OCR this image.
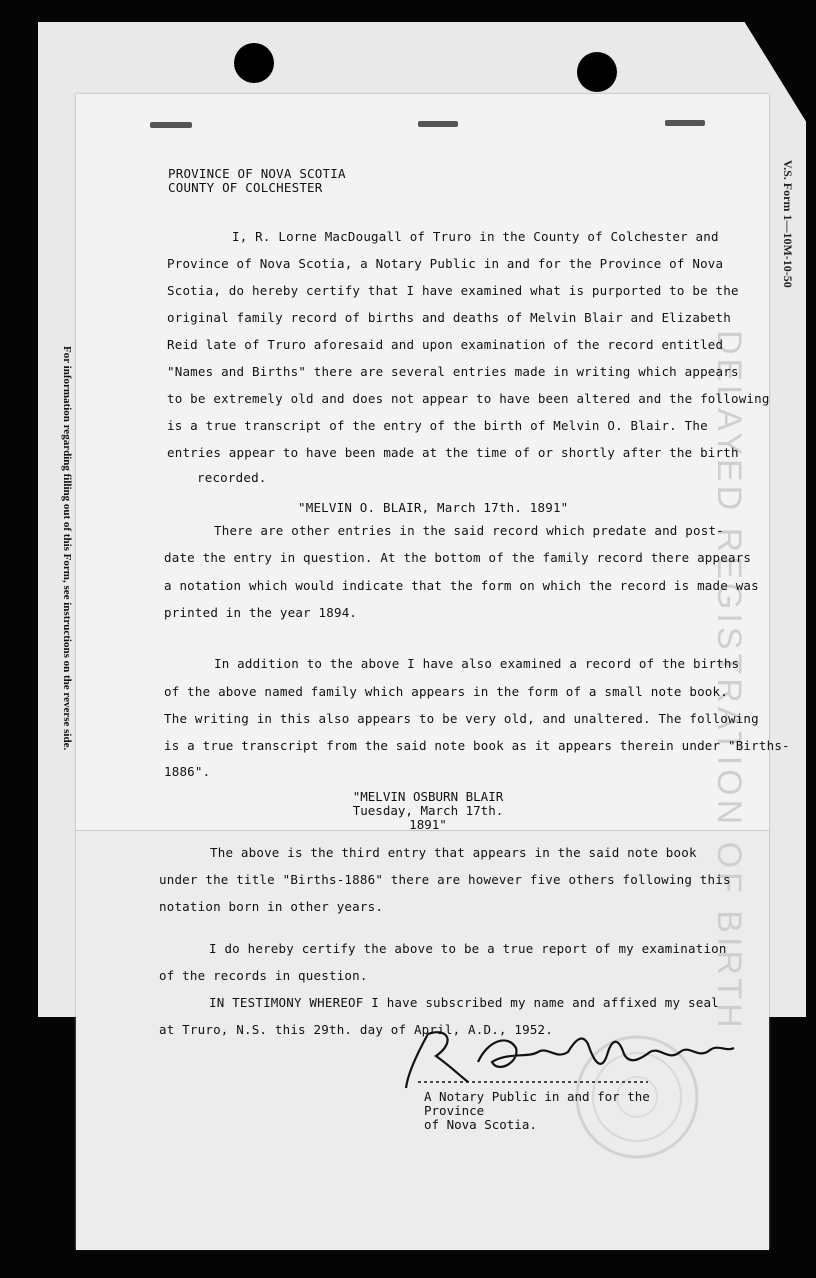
V.S. Form 1—10M-10-50
DELAYED REGISTRATION OF BIRTH
For information regarding filling out of this Form, see instructions on the reverse side.
PROVINCE OF NOVA SCOTIA
COUNTY OF COLCHESTER
I, R. Lorne MacDougall of Truro in the County of Colchester and
Province of Nova Scotia, a Notary Public in and for the Province of Nova
Scotia, do hereby certify that I have examined what is purported to be the
original family record of births and deaths of Melvin Blair and Elizabeth
Reid late of Truro aforesaid and upon examination of the record entitled
"Names and Births" there are several entries made in writing which appears
to be extremely old and does not appear to have been altered and the following
is a true transcript of the entry of the birth of Melvin O. Blair. The
entries appear to have been made at the time of or shortly after the birth
recorded.
"MELVIN O. BLAIR, March 17th. 1891"
There are other entries in the said record which predate and post-
date the entry in question. At the bottom of the family record there appears
a notation which would indicate that the form on which the record is made was
printed in the year 1894.
In addition to the above I have also examined a record of the births
of the above named family which appears in the form of a small note book.
The writing in this also appears to be very old, and unaltered. The following
is a true transcript from the said note book as it appears therein under "Births-
1886".
"MELVIN OSBURN BLAIR
Tuesday, March 17th.
1891"
The above is the third entry that appears in the said note book
under the title "Births-1886" there are however five others following this
notation born in other years.
I do hereby certify the above to be a true report of my examination
of the records in question.
IN TESTIMONY WHEREOF I have subscribed my name and affixed my seal
at Truro, N.S. this 29th. day of April, A.D., 1952.
A Notary Public in and for the Province
of Nova Scotia.
